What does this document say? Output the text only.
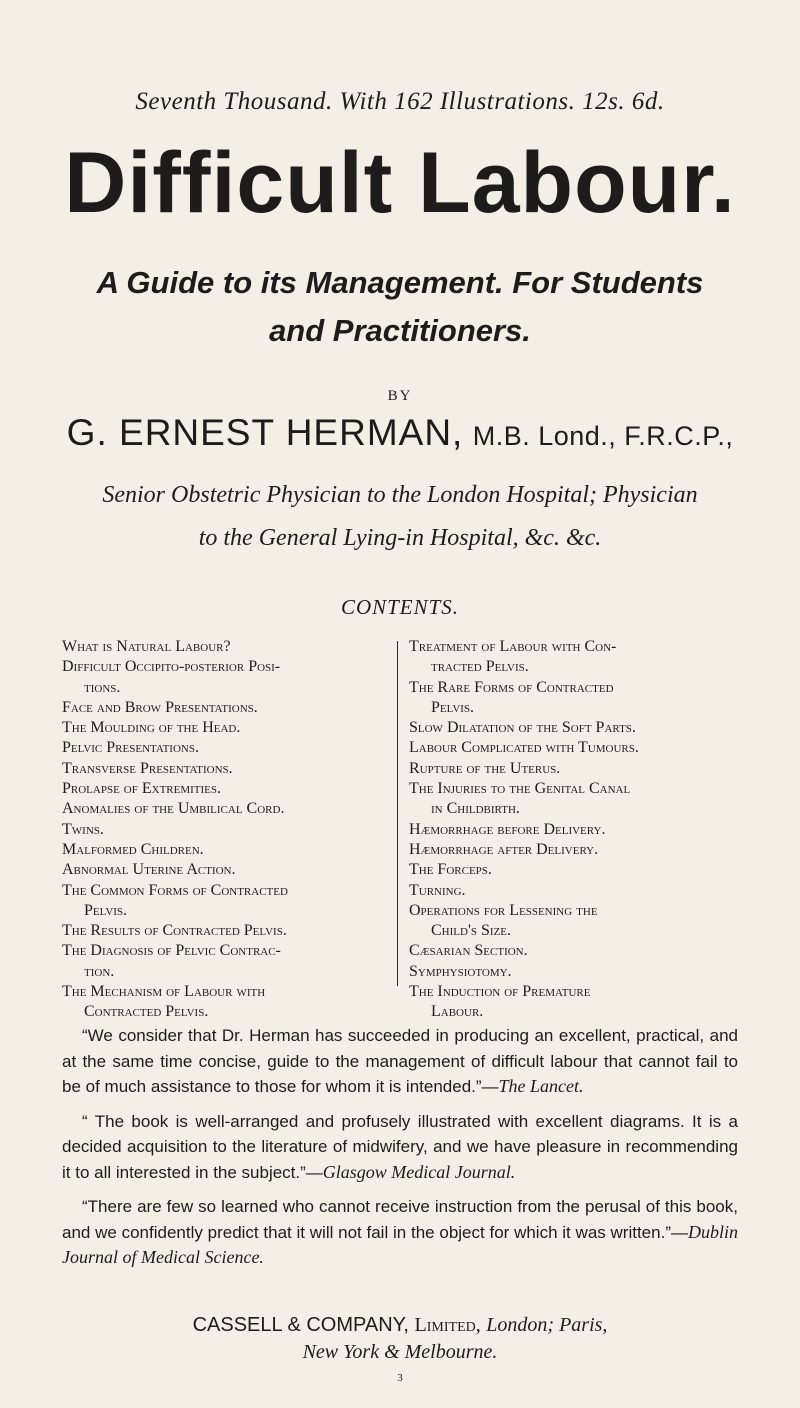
Seventh Thousand. With 162 Illustrations. 12s. 6d.
Difficult Labour.
A Guide to its Management. For Students
and Practitioners.
BY
G. ERNEST HERMAN, M.B. Lond., F.R.C.P.,
Senior Obstetric Physician to the London Hospital; Physician
to the General Lying-in Hospital, &c. &c.
CONTENTS.
What is Natural Labour?
Difficult Occipito-posterior Posi-
tions.
Face and Brow Presentations.
The Moulding of the Head.
Pelvic Presentations.
Transverse Presentations.
Prolapse of Extremities.
Anomalies of the Umbilical Cord.
Twins.
Malformed Children.
Abnormal Uterine Action.
The Common Forms of Contracted
Pelvis.
The Results of Contracted Pelvis.
The Diagnosis of Pelvic Contrac-
tion.
The Mechanism of Labour with
Contracted Pelvis.
Treatment of Labour with Con-
tracted Pelvis.
The Rare Forms of Contracted
Pelvis.
Slow Dilatation of the Soft Parts.
Labour Complicated with Tumours.
Rupture of the Uterus.
The Injuries to the Genital Canal
in Childbirth.
Hæmorrhage before Delivery.
Hæmorrhage after Delivery.
The Forceps.
Turning.
Operations for Lessening the
Child's Size.
Cæsarian Section.
Symphysiotomy.
The Induction of Premature
Labour.

“We consider that Dr. Herman has succeeded in producing an excellent, practical, and at the same time concise, guide to the management of difficult labour that cannot fail to be of much assistance to those for whom it is intended.”—The Lancet.

“ The book is well-arranged and profusely illustrated with excellent diagrams. It is a decided acquisition to the literature of midwifery, and we have pleasure in recommending it to all interested in the subject.”—Glasgow Medical Journal.

“There are few so learned who cannot receive instruction from the perusal of this book, and we confidently predict that it will not fail in the object for which it was written.”—Dublin Journal of Medical Science.

CASSELL & COMPANY, Limited, London; Paris,
New York & Melbourne.
3
